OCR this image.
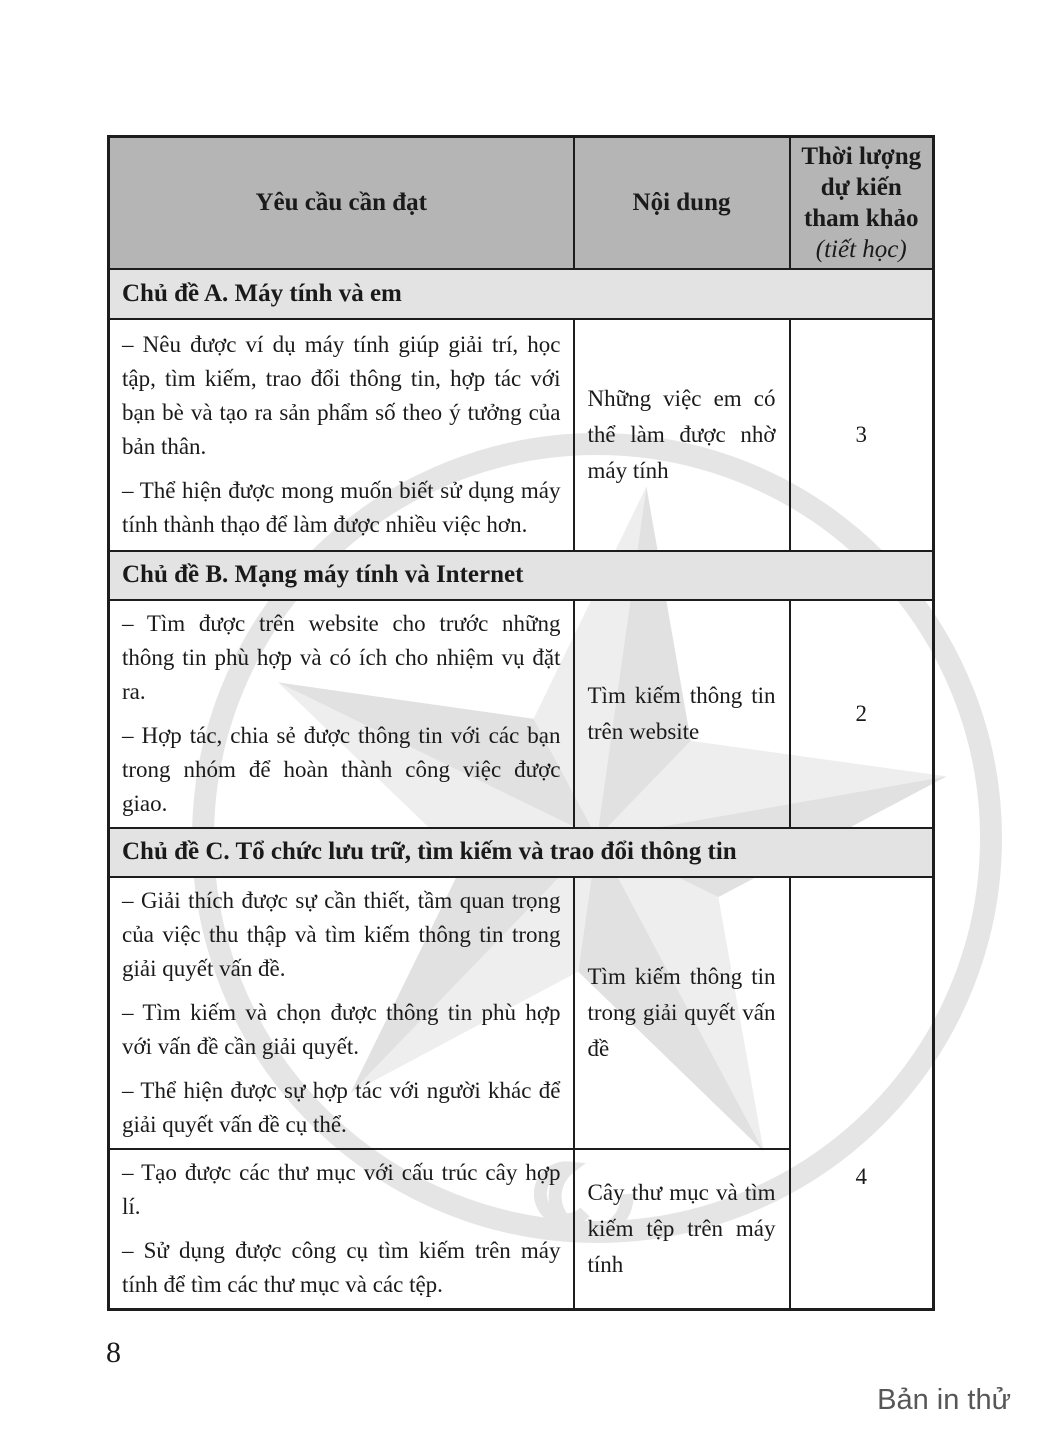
Yêu cầu cần đạt	Nội dung	Thời lượng dự kiến tham khảo
(tiết học)

Chủ đề A. Máy tính và em		

– Nêu được ví dụ máy tính giúp giải trí, học tập, tìm kiếm, trao đổi thông tin, hợp tác với bạn bè và tạo ra sản phẩm số theo ý tưởng của bản thân.

– Thể hiện được mong muốn biết sử dụng máy tính thành thạo để làm được nhiều việc hơn.	Những việc em có thể làm được nhờ máy tính	3
Chủ đề B. Mạng máy tính và Internet		

– Tìm được trên website cho trước những thông tin phù hợp và có ích cho nhiệm vụ đặt ra.

– Hợp tác, chia sẻ được thông tin với các bạn trong nhóm để hoàn thành công việc được giao.	Tìm kiếm thông tin trên website	2
Chủ đề C. Tổ chức lưu trữ, tìm kiếm và trao đổi thông tin		

– Giải thích được sự cần thiết, tầm quan trọng của việc thu thập và tìm kiếm thông tin trong giải quyết vấn đề.

– Tìm kiếm và chọn được thông tin phù hợp với vấn đề cần giải quyết.

– Thể hiện được sự hợp tác với người khác để giải quyết vấn đề cụ thể.	Tìm kiếm thông tin trong giải quyết vấn đề	4

– Tạo được các thư mục với cấu trúc cây hợp lí.

– Sử dụng được công cụ tìm kiếm trên máy tính để tìm các thư mục và các tệp.	Cây thư mục và tìm kiếm tệp trên máy tính	
8
Bản in thử
